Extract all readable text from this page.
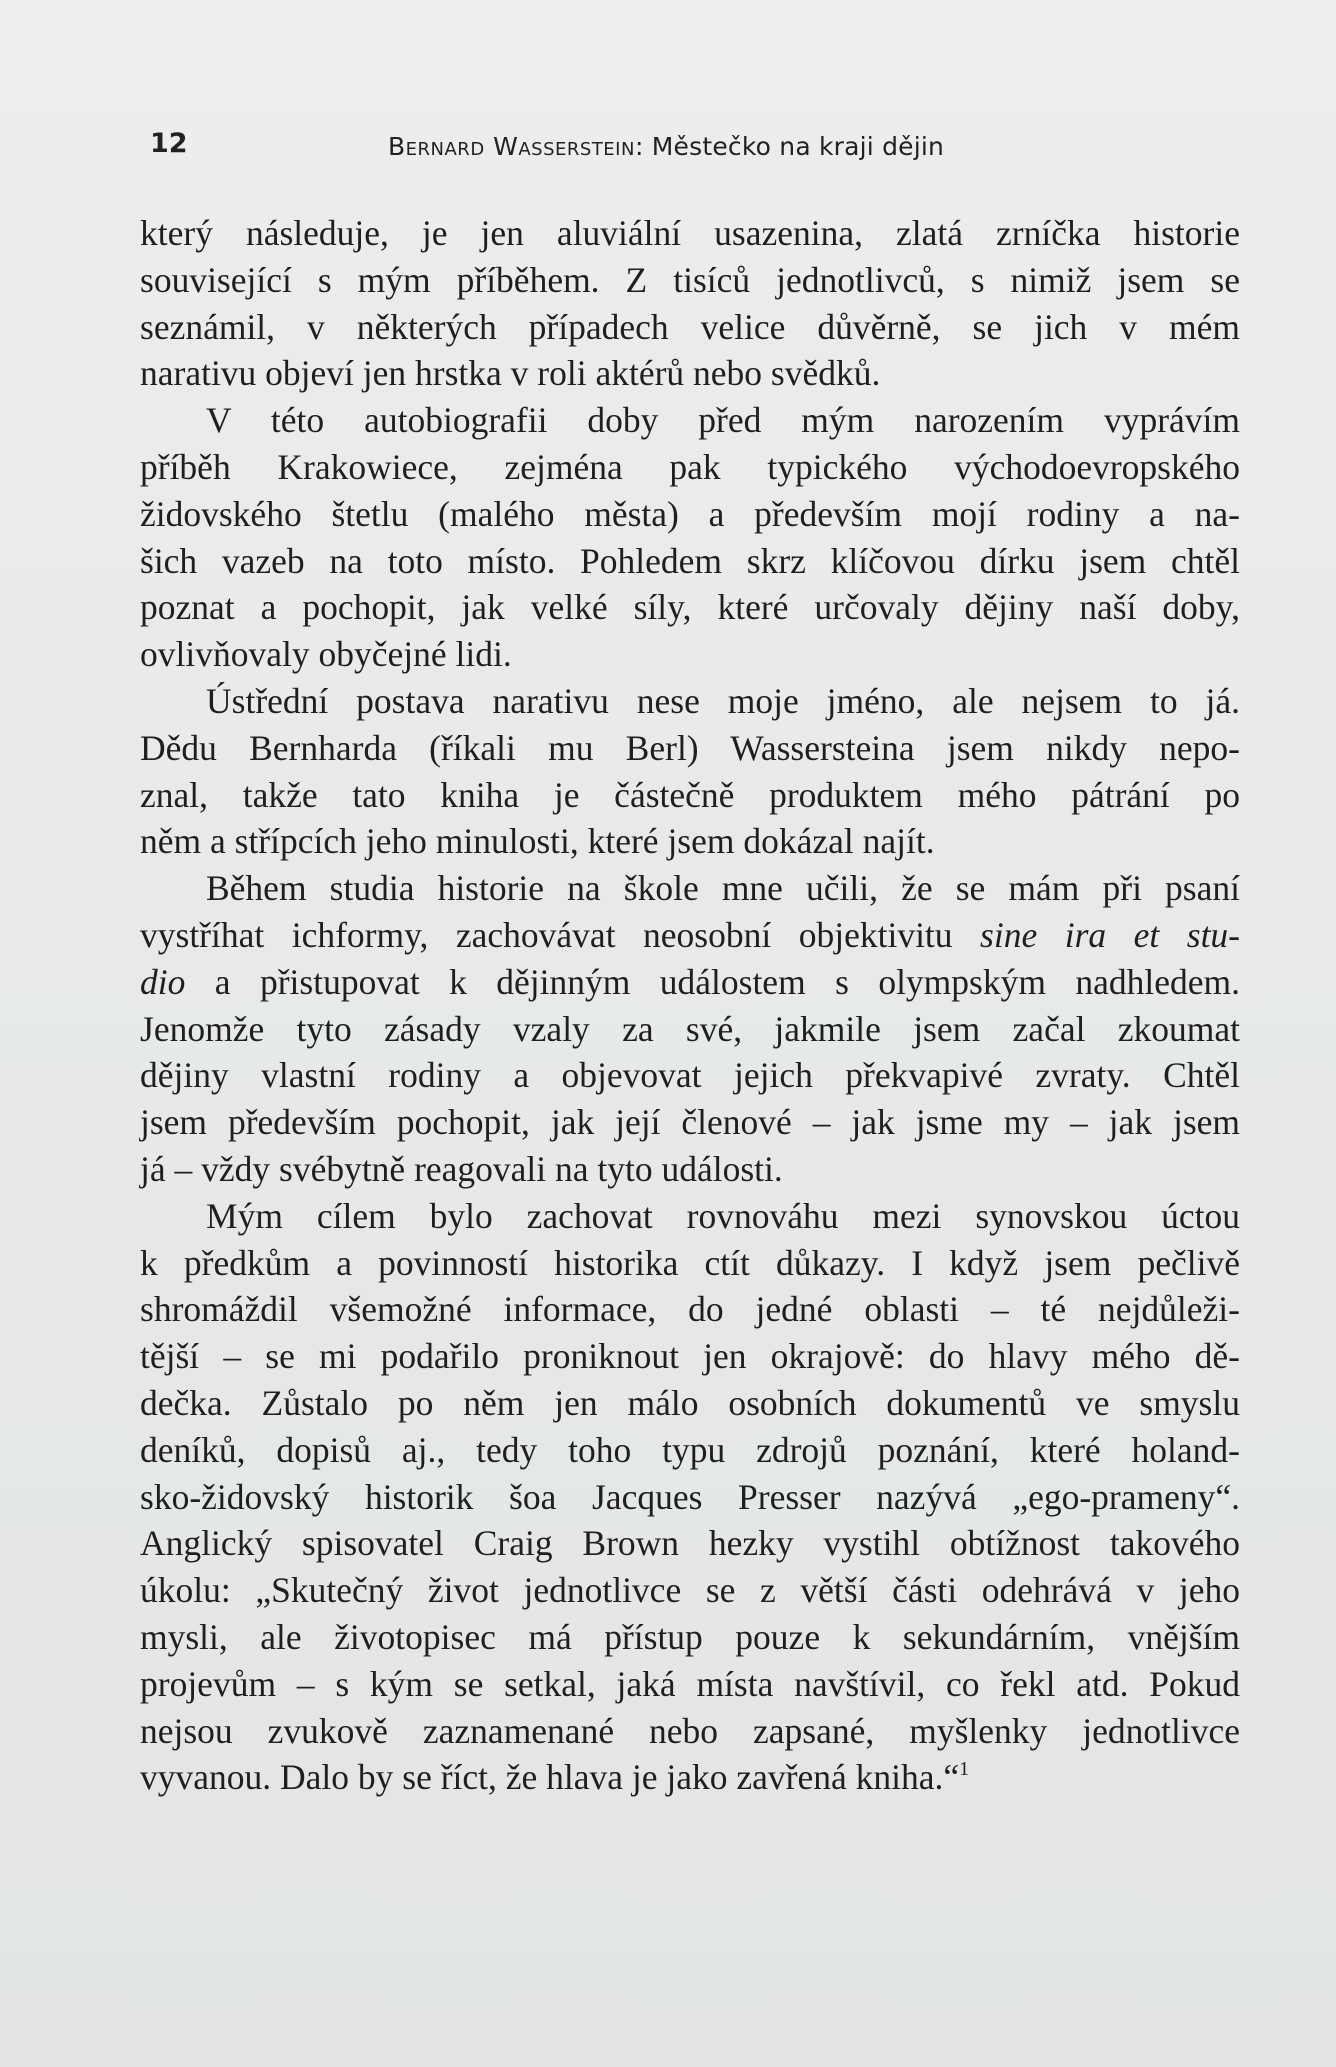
12	Bernard Wasserstein: Městečko na kraji dějin
který následuje, je jen aluviální usazenina, zlatá zrníčka historie
související s mým příběhem. Z tisíců jednotlivců, s nimiž jsem se
seznámil, v některých případech velice důvěrně, se jich v mém
narativu objeví jen hrstka v roli aktérů nebo svědků.
V této autobiografii doby před mým narozením vyprávím
příběh Krakowiece, zejména pak typického východoevropského
židovského štetlu (malého města) a především mojí rodiny a na-
šich vazeb na toto místo. Pohledem skrz klíčovou dírku jsem chtěl
poznat a pochopit, jak velké síly, které určovaly dějiny naší doby,
ovlivňovaly obyčejné lidi.
Ústřední postava narativu nese moje jméno, ale nejsem to já.
Dědu Bernharda (říkali mu Berl) Wassersteina jsem nikdy nepo-
znal, takže tato kniha je částečně produktem mého pátrání po
něm a střípcích jeho minulosti, které jsem dokázal najít.
Během studia historie na škole mne učili, že se mám při psaní
vystříhat ichformy, zachovávat neosobní objektivitu sine ira et stu-
dio a přistupovat k dějinným událostem s olympským nadhledem.
Jenomže tyto zásady vzaly za své, jakmile jsem začal zkoumat
dějiny vlastní rodiny a objevovat jejich překvapivé zvraty. Chtěl
jsem především pochopit, jak její členové – jak jsme my – jak jsem
já – vždy svébytně reagovali na tyto události.
Mým cílem bylo zachovat rovnováhu mezi synovskou úctou
k předkům a povinností historika ctít důkazy. I když jsem pečlivě
shromáždil všemožné informace, do jedné oblasti – té nejdůleži-
tější – se mi podařilo proniknout jen okrajově: do hlavy mého dě-
dečka. Zůstalo po něm jen málo osobních dokumentů ve smyslu
deníků, dopisů aj., tedy toho typu zdrojů poznání, které holand-
sko-židovský historik šoa Jacques Presser nazývá „ego-prameny“.
Anglický spisovatel Craig Brown hezky vystihl obtížnost takového
úkolu: „Skutečný život jednotlivce se z větší části odehrává v jeho
mysli, ale životopisec má přístup pouze k sekundárním, vnějším
projevům – s kým se setkal, jaká místa navštívil, co řekl atd. Pokud
nejsou zvukově zaznamenané nebo zapsané, myšlenky jednotlivce
vyvanou. Dalo by se říct, že hlava je jako zavřená kniha.“$^1$
